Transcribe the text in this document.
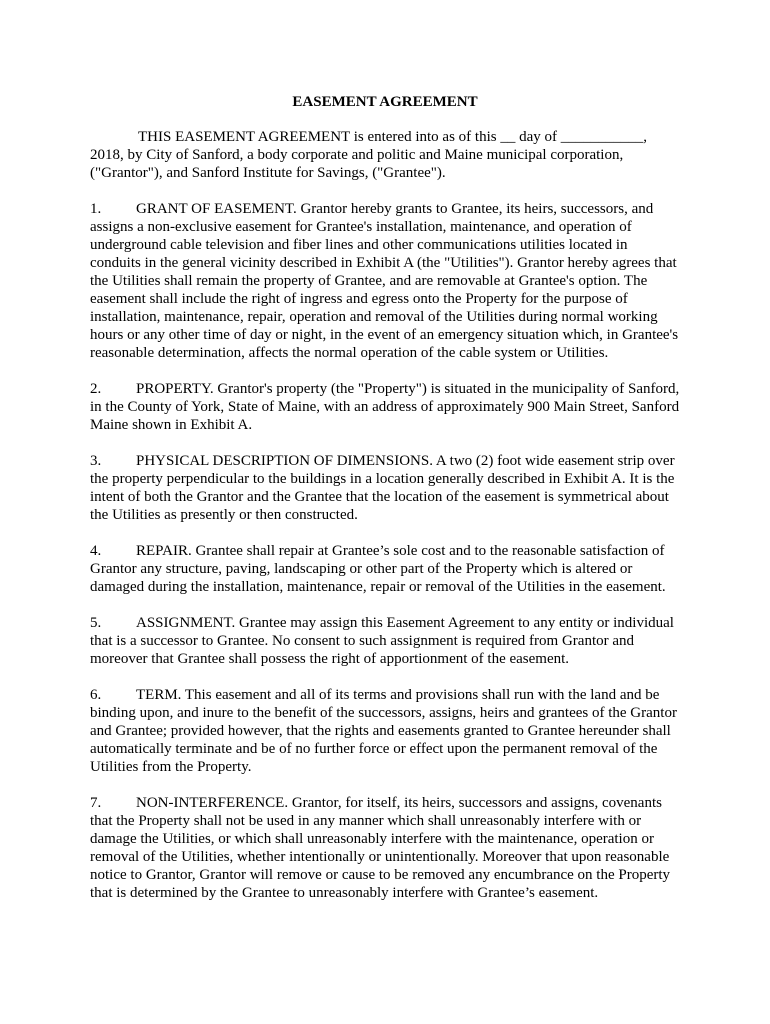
EASEMENT AGREEMENT

THIS EASEMENT AGREEMENT is entered into as of this __ day of ___________, 2018, by City of Sanford, a body corporate and politic and Maine municipal corporation, ("Grantor"), and Sanford Institute for Savings, ("Grantee").

1. GRANT OF EASEMENT. Grantor hereby grants to Grantee, its heirs, successors, and assigns a non-exclusive easement for Grantee's installation, maintenance, and operation of underground cable television and fiber lines and other communications utilities located in conduits in the general vicinity described in Exhibit A (the "Utilities"). Grantor hereby agrees that the Utilities shall remain the property of Grantee, and are removable at Grantee's option. The easement shall include the right of ingress and egress onto the Property for the purpose of installation, maintenance, repair, operation and removal of the Utilities during normal working hours or any other time of day or night, in the event of an emergency situation which, in Grantee's reasonable determination, affects the normal operation of the cable system or Utilities.

2. PROPERTY. Grantor's property (the "Property") is situated in the municipality of Sanford, in the County of York, State of Maine, with an address of approximately 900 Main Street, Sanford Maine shown in Exhibit A.

3. PHYSICAL DESCRIPTION OF DIMENSIONS. A two (2) foot wide easement strip over the property perpendicular to the buildings in a location generally described in Exhibit A. It is the intent of both the Grantor and the Grantee that the location of the easement is symmetrical about the Utilities as presently or then constructed.

4. REPAIR. Grantee shall repair at Grantee’s sole cost and to the reasonable satisfaction of Grantor any structure, paving, landscaping or other part of the Property which is altered or damaged during the installation, maintenance, repair or removal of the Utilities in the easement.

5. ASSIGNMENT. Grantee may assign this Easement Agreement to any entity or individual that is a successor to Grantee. No consent to such assignment is required from Grantor and moreover that Grantee shall possess the right of apportionment of the easement.

6. TERM. This easement and all of its terms and provisions shall run with the land and be binding upon, and inure to the benefit of the successors, assigns, heirs and grantees of the Grantor and Grantee; provided however, that the rights and easements granted to Grantee hereunder shall automatically terminate and be of no further force or effect upon the permanent removal of the Utilities from the Property.

7. NON-INTERFERENCE. Grantor, for itself, its heirs, successors and assigns, covenants that the Property shall not be used in any manner which shall unreasonably interfere with or damage the Utilities, or which shall unreasonably interfere with the maintenance, operation or removal of the Utilities, whether intentionally or unintentionally. Moreover that upon reasonable notice to Grantor, Grantor will remove or cause to be removed any encumbrance on the Property that is determined by the Grantee to unreasonably interfere with Grantee’s easement.
